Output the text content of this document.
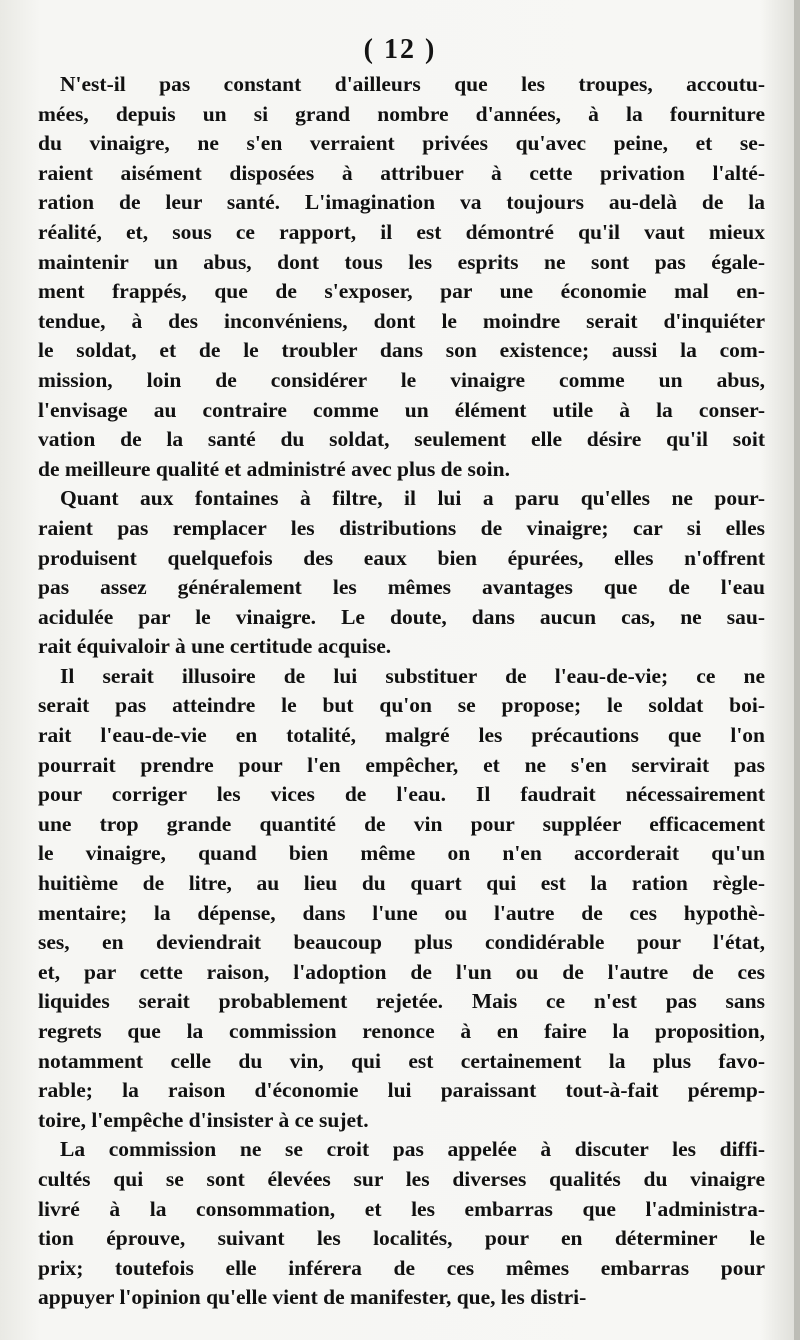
( 12 )
N'est-il pas constant d'ailleurs que les troupes, accoutu-
mées, depuis un si grand nombre d'années, à la fourniture
du vinaigre, ne s'en verraient privées qu'avec peine, et se-
raient aisément disposées à attribuer à cette privation l'alté-
ration de leur santé. L'imagination va toujours au-delà de la
réalité, et, sous ce rapport, il est démontré qu'il vaut mieux
maintenir un abus, dont tous les esprits ne sont pas égale-
ment frappés, que de s'exposer, par une économie mal en-
tendue, à des inconvéniens, dont le moindre serait d'inquiéter
le soldat, et de le troubler dans son existence; aussi la com-
mission, loin de considérer le vinaigre comme un abus,
l'envisage au contraire comme un élément utile à la conser-
vation de la santé du soldat, seulement elle désire qu'il soit
de meilleure qualité et administré avec plus de soin.
Quant aux fontaines à filtre, il lui a paru qu'elles ne pour-
raient pas remplacer les distributions de vinaigre; car si elles
produisent quelquefois des eaux bien épurées, elles n'offrent
pas assez généralement les mêmes avantages que de l'eau
acidulée par le vinaigre. Le doute, dans aucun cas, ne sau-
rait équivaloir à une certitude acquise.
Il serait illusoire de lui substituer de l'eau-de-vie; ce ne
serait pas atteindre le but qu'on se propose; le soldat boi-
rait l'eau-de-vie en totalité, malgré les précautions que l'on
pourrait prendre pour l'en empêcher, et ne s'en servirait pas
pour corriger les vices de l'eau. Il faudrait nécessairement
une trop grande quantité de vin pour suppléer efficacement
le vinaigre, quand bien même on n'en accorderait qu'un
huitième de litre, au lieu du quart qui est la ration règle-
mentaire; la dépense, dans l'une ou l'autre de ces hypothè-
ses, en deviendrait beaucoup plus condidérable pour l'état,
et, par cette raison, l'adoption de l'un ou de l'autre de ces
liquides serait probablement rejetée. Mais ce n'est pas sans
regrets que la commission renonce à en faire la proposition,
notamment celle du vin, qui est certainement la plus favo-
rable; la raison d'économie lui paraissant tout-à-fait péremp-
toire, l'empêche d'insister à ce sujet.
La commission ne se croit pas appelée à discuter les diffi-
cultés qui se sont élevées sur les diverses qualités du vinaigre
livré à la consommation, et les embarras que l'administra-
tion éprouve, suivant les localités, pour en déterminer le
prix; toutefois elle inférera de ces mêmes embarras pour
appuyer l'opinion qu'elle vient de manifester, que, les distri-
